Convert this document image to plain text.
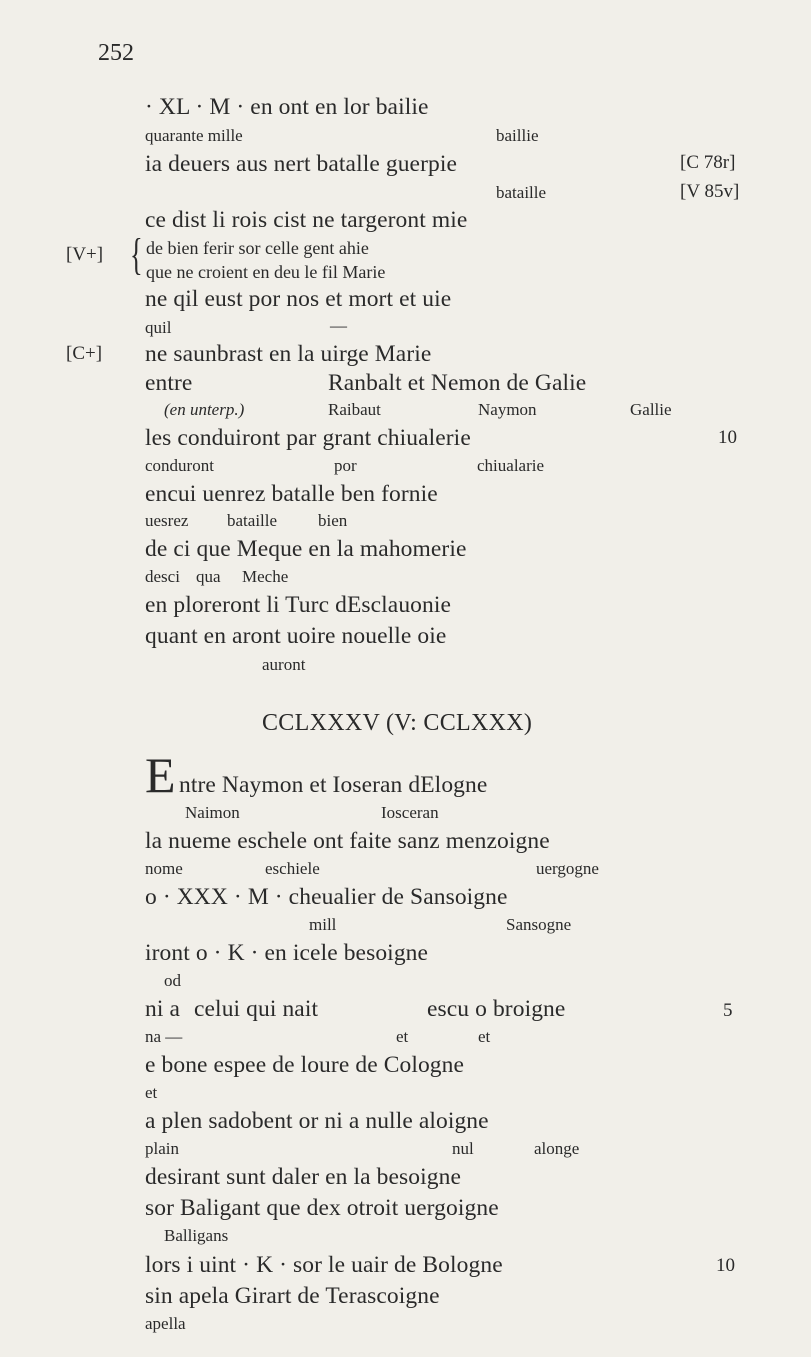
252
· XL · M · en ont en lor bailie
quarante mille	baillie
ia deuers aus nert batalle guerpie	[C 78r]
bataille	[V 85v]
ce dist li rois cist ne targeront mie
[V+] { de bien ferir sor celle gent ahie
que ne croient en deu le fil Marie
ne qil eust por nos et mort et uie
quil	—
[C+] ne saunbrast en la uirge Marie
entre	Ranbalt et Nemon de Galie
(en unterp.)	Raibaut	Naymon	Gallie
les conduiront par grant chiualerie	10
conduront	por	chiualarie
encui uenrez batalle ben fornie
uesrez bataille bien
de ci que Meque en la mahomerie
desci qua Meche
en ploreront li Turc dEsclauonie
quant en aront uoire nouelle oie
auront
CCLXXXV (V: CCLXXX)
E ntre Naymon et Ioseran dElogne
Naimon	Iosceran
la nueme eschele ont faite sanz menzoigne
nome	eschiele	uergogne
o · XXX · M · cheualier de Sansoigne
mill	Sansogne
iront o · K · en icele besoigne
od
ni a celui qui nait	escu o broigne	5
na —	et	et
e bone espee de loure de Cologne
et
a plen sadobent or ni a nulle aloigne
plain	nul	alonge
desirant sunt daler en la besoigne
sor Baligant que dex otroit uergoigne
Balligans
lors i uint · K · sor le uair de Bologne	10
sin apela Girart de Terascoigne
apella
